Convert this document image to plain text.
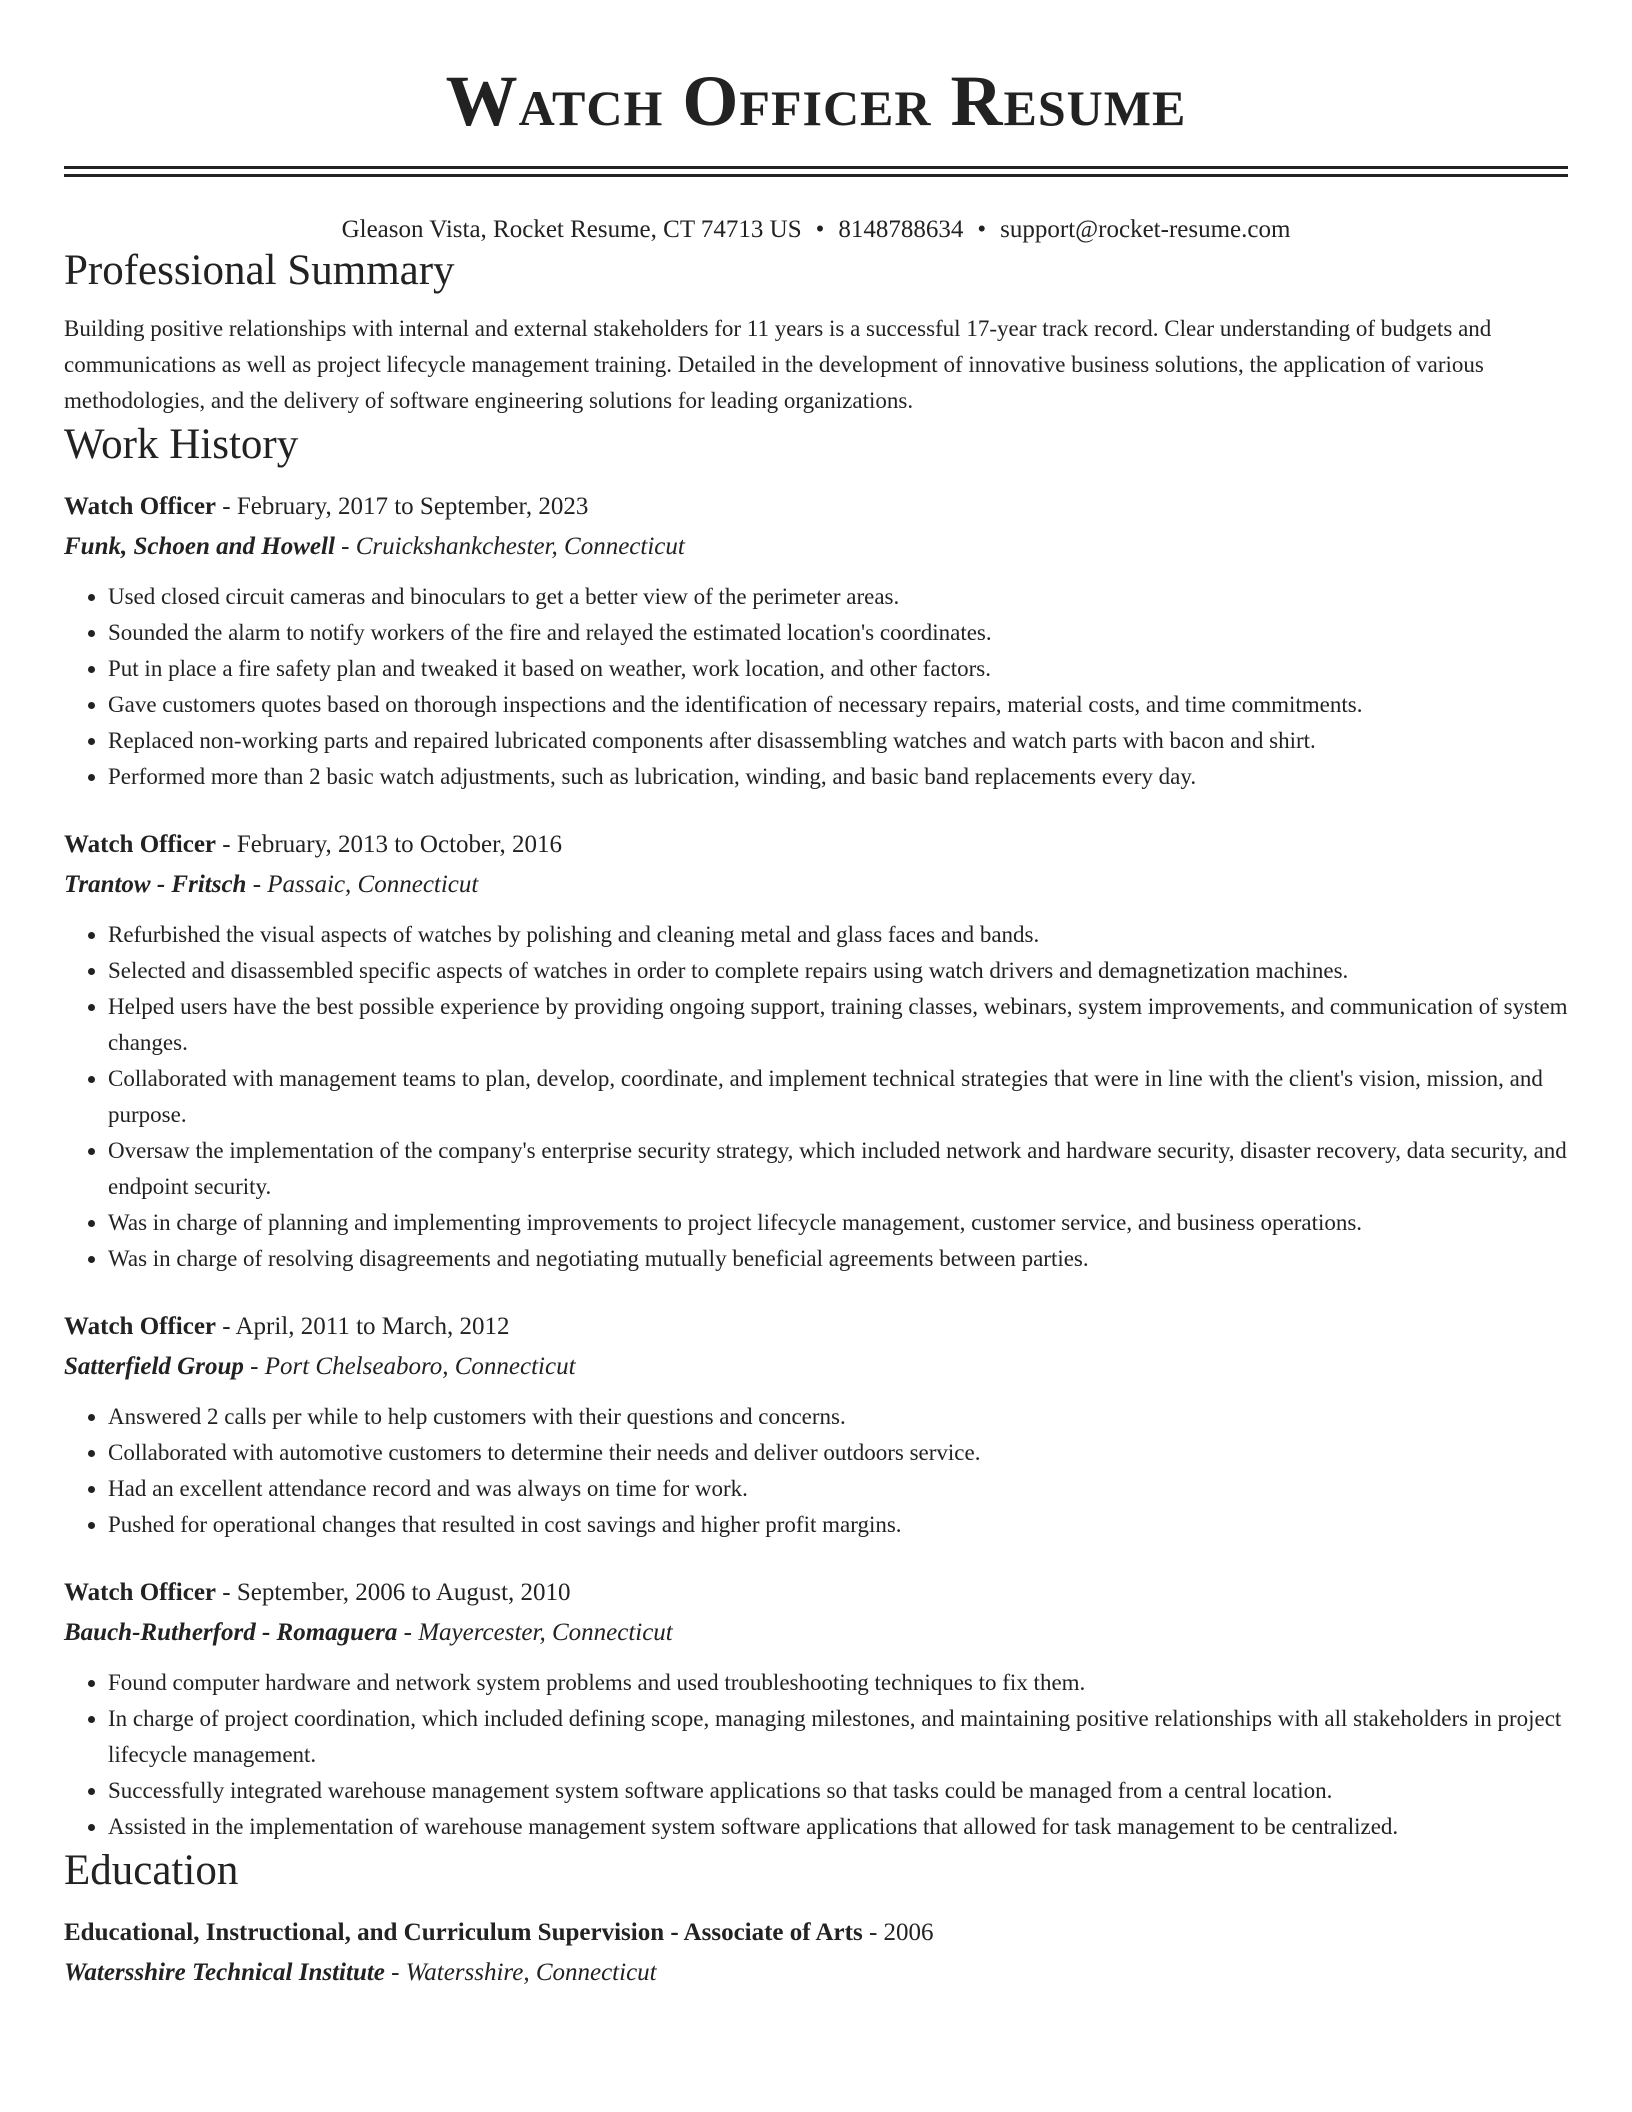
Watch Officer Resume
Gleason Vista, Rocket Resume, CT 74713 US • 8148788634 • support@rocket-resume.com
Professional Summary
Building positive relationships with internal and external stakeholders for 11 years is a successful 17-year track record. Clear understanding of budgets and communications as well as project lifecycle management training. Detailed in the development of innovative business solutions, the application of various methodologies, and the delivery of software engineering solutions for leading organizations.
Work History
Watch Officer - February, 2017 to September, 2023
Funk, Schoen and Howell - Cruickshankchester, Connecticut
• Used closed circuit cameras and binoculars to get a better view of the perimeter areas.
• Sounded the alarm to notify workers of the fire and relayed the estimated location's coordinates.
• Put in place a fire safety plan and tweaked it based on weather, work location, and other factors.
• Gave customers quotes based on thorough inspections and the identification of necessary repairs, material costs, and time commitments.
• Replaced non-working parts and repaired lubricated components after disassembling watches and watch parts with bacon and shirt.
• Performed more than 2 basic watch adjustments, such as lubrication, winding, and basic band replacements every day.
Watch Officer - February, 2013 to October, 2016
Trantow - Fritsch - Passaic, Connecticut
• Refurbished the visual aspects of watches by polishing and cleaning metal and glass faces and bands.
• Selected and disassembled specific aspects of watches in order to complete repairs using watch drivers and demagnetization machines.
• Helped users have the best possible experience by providing ongoing support, training classes, webinars, system improvements, and communication of system changes.
• Collaborated with management teams to plan, develop, coordinate, and implement technical strategies that were in line with the client's vision, mission, and purpose.
• Oversaw the implementation of the company's enterprise security strategy, which included network and hardware security, disaster recovery, data security, and endpoint security.
• Was in charge of planning and implementing improvements to project lifecycle management, customer service, and business operations.
• Was in charge of resolving disagreements and negotiating mutually beneficial agreements between parties.
Watch Officer - April, 2011 to March, 2012
Satterfield Group - Port Chelseaboro, Connecticut
• Answered 2 calls per while to help customers with their questions and concerns.
• Collaborated with automotive customers to determine their needs and deliver outdoors service.
• Had an excellent attendance record and was always on time for work.
• Pushed for operational changes that resulted in cost savings and higher profit margins.
Watch Officer - September, 2006 to August, 2010
Bauch-Rutherford - Romaguera - Mayercester, Connecticut
• Found computer hardware and network system problems and used troubleshooting techniques to fix them.
• In charge of project coordination, which included defining scope, managing milestones, and maintaining positive relationships with all stakeholders in project lifecycle management.
• Successfully integrated warehouse management system software applications so that tasks could be managed from a central location.
• Assisted in the implementation of warehouse management system software applications that allowed for task management to be centralized.
Education
Educational, Instructional, and Curriculum Supervision - Associate of Arts - 2006
Watersshire Technical Institute - Watersshire, Connecticut
